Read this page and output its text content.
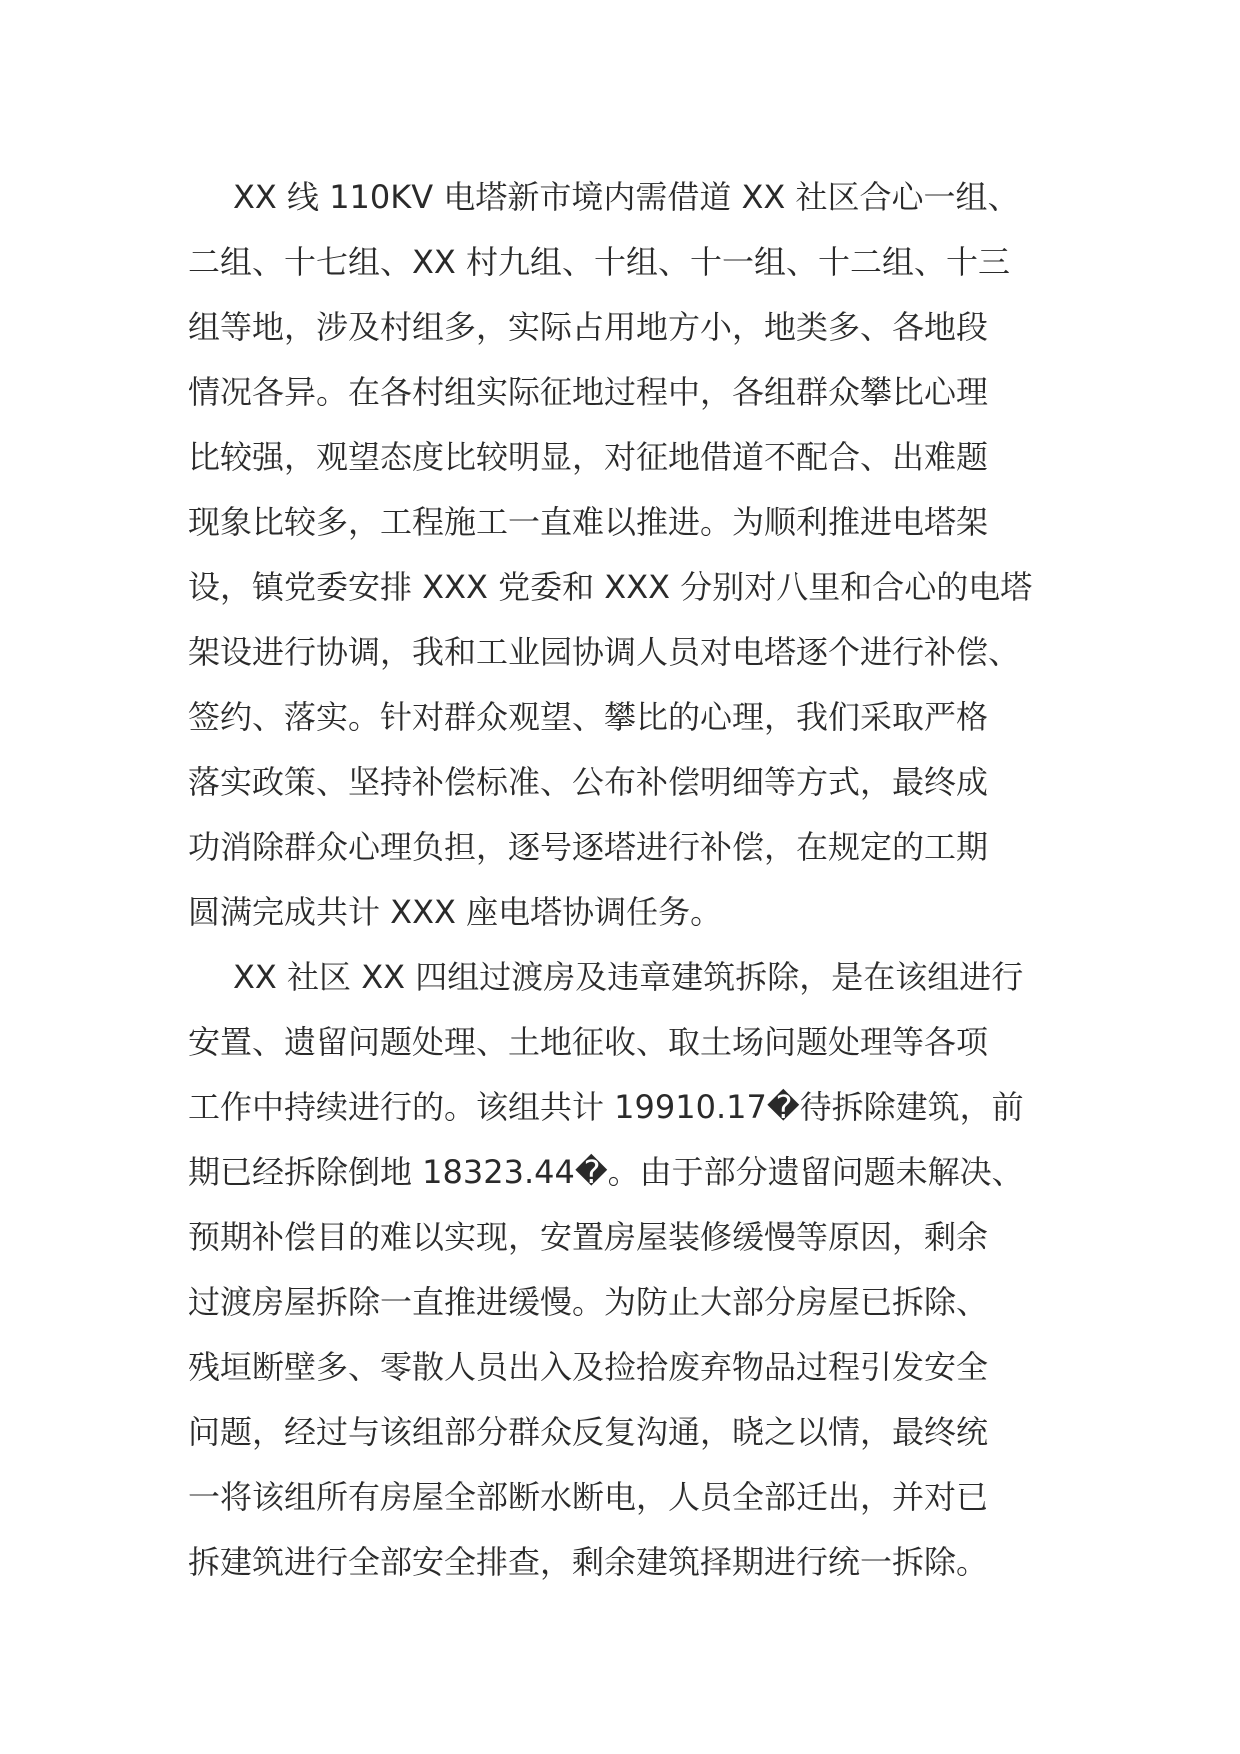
XX 线 110KV 电塔新市境内需借道 XX 社区合心一组、
二组、十七组、XX 村九组、十组、十一组、十二组、十三
组等地，涉及村组多，实际占用地方小，地类多、各地段
情况各异。在各村组实际征地过程中，各组群众攀比心理
比较强，观望态度比较明显，对征地借道不配合、出难题
现象比较多，工程施工一直难以推进。为顺利推进电塔架
设，镇党委安排 XXX 党委和 XXX 分别对八里和合心的电塔
架设进行协调，我和工业园协调人员对电塔逐个进行补偿、
签约、落实。针对群众观望、攀比的心理，我们采取严格
落实政策、坚持补偿标准、公布补偿明细等方式，最终成
功消除群众心理负担，逐号逐塔进行补偿，在规定的工期
圆满完成共计 XXX 座电塔协调任务。
XX 社区 XX 四组过渡房及违章建筑拆除，是在该组进行
安置、遗留问题处理、土地征收、取土场问题处理等各项
工作中持续进行的。该组共计 19910.17�待拆除建筑，前
期已经拆除倒地 18323.44�。由于部分遗留问题未解决、
预期补偿目的难以实现，安置房屋装修缓慢等原因，剩余
过渡房屋拆除一直推进缓慢。为防止大部分房屋已拆除、
残垣断壁多、零散人员出入及捡拾废弃物品过程引发安全
问题，经过与该组部分群众反复沟通，晓之以情，最终统
一将该组所有房屋全部断水断电，人员全部迁出，并对已
拆建筑进行全部安全排查，剩余建筑择期进行统一拆除。
